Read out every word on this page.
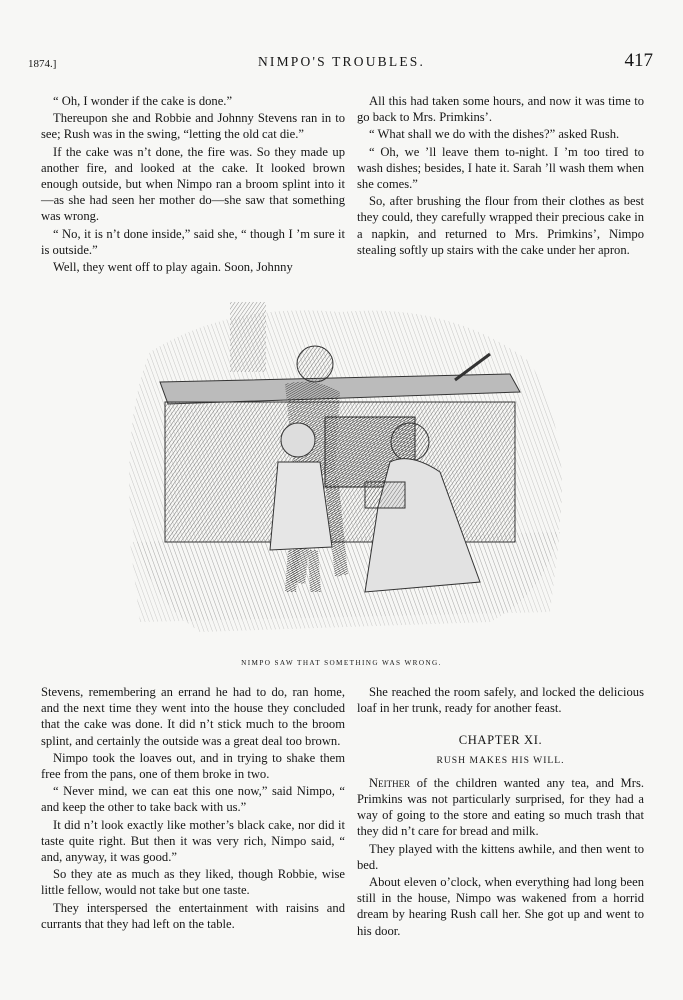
1874.]	NIMPO'S TROUBLES.	417

“ Oh, I wonder if the cake is done.”

Thereupon she and Robbie and Johnny Stevens ran in to see; Rush was in the swing, “letting the old cat die.”

If the cake was n’t done, the fire was. So they made up another fire, and looked at the cake. It looked brown enough outside, but when Nimpo ran a broom splint into it—as she had seen her mother do—she saw that something was wrong.

“ No, it is n’t done inside,” said she, “ though I ’m sure it is outside.”

Well, they went off to play again. Soon, Johnny

All this had taken some hours, and now it was time to go back to Mrs. Primkins’.

“ What shall we do with the dishes?” asked Rush.

“ Oh, we ’ll leave them to-night. I ’m too tired to wash dishes; besides, I hate it. Sarah ’ll wash them when she comes.”

So, after brushing the flour from their clothes as best they could, they carefully wrapped their precious cake in a napkin, and returned to Mrs. Primkins’, Nimpo stealing softly up stairs with the cake under her apron.

NIMPO SAW THAT SOMETHING WAS WRONG.

Stevens, remembering an errand he had to do, ran home, and the next time they went into the house they concluded that the cake was done. It did n’t stick much to the broom splint, and certainly the outside was a great deal too brown.

Nimpo took the loaves out, and in trying to shake them free from the pans, one of them broke in two.

“ Never mind, we can eat this one now,” said Nimpo, “ and keep the other to take back with us.”

It did n’t look exactly like mother’s black cake, nor did it taste quite right. But then it was very rich, Nimpo said, “ and, anyway, it was good.”

So they ate as much as they liked, though Robbie, wise little fellow, would not take but one taste.

They interspersed the entertainment with raisins and currants that they had left on the table.

She reached the room safely, and locked the delicious loaf in her trunk, ready for another feast.

CHAPTER XI.
RUSH MAKES HIS WILL.

Neither of the children wanted any tea, and Mrs. Primkins was not particularly surprised, for they had a way of going to the store and eating so much trash that they did n’t care for bread and milk.

They played with the kittens awhile, and then went to bed.

About eleven o’clock, when everything had long been still in the house, Nimpo was wakened from a horrid dream by hearing Rush call her. She got up and went to his door.
